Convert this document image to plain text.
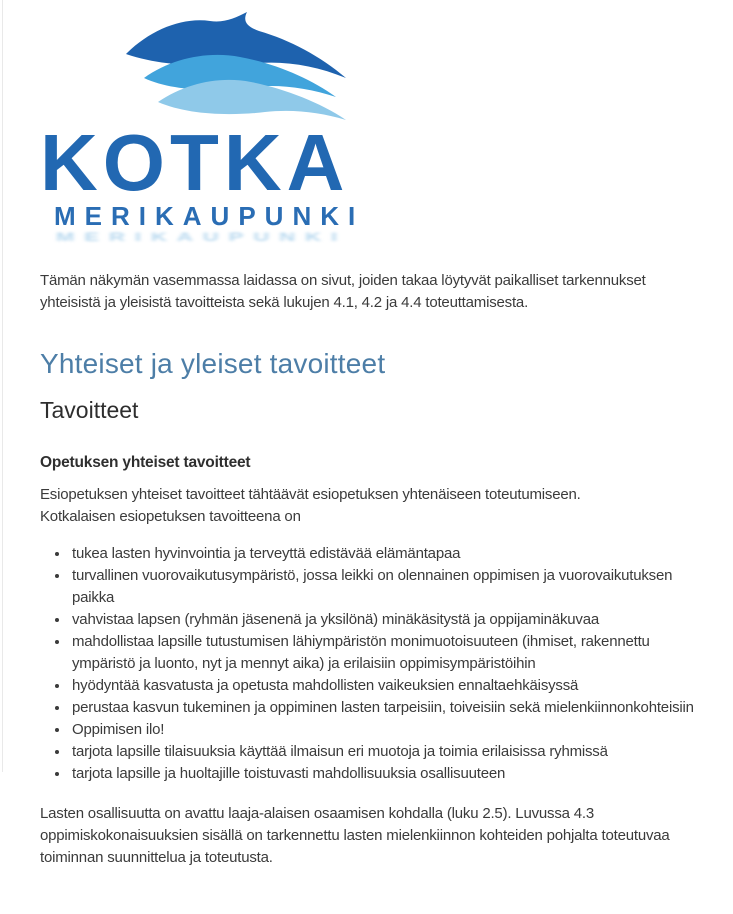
KOTKA
MERIKAUPUNKI
MERIKAUPUNKI

Tämän näkymän vasemmassa laidassa on sivut, joiden takaa löytyvät paikalliset tarkennukset yhteisistä ja yleisistä tavoitteista sekä lukujen 4.1, 4.2 ja 4.4 toteuttamisesta.

Yhteiset ja yleiset tavoitteet
Tavoitteet
Opetuksen yhteiset tavoitteet

Esiopetuksen yhteiset tavoitteet tähtäävät esiopetuksen yhtenäiseen toteutumiseen.
Kotkalaisen esiopetuksen tavoitteena on

• tukea lasten hyvinvointia ja terveyttä edistävää elämäntapaa
• turvallinen vuorovaikutusympäristö, jossa leikki on olennainen oppimisen ja vuorovaikutuksen paikka
• vahvistaa lapsen (ryhmän jäsenenä ja yksilönä) minäkäsitystä ja oppijaminäkuvaa
• mahdollistaa lapsille tutustumisen lähiympäristön monimuotoisuuteen (ihmiset, rakennettu ympäristö ja luonto, nyt ja mennyt aika) ja erilaisiin oppimisympäristöihin
• hyödyntää kasvatusta ja opetusta mahdollisten vaikeuksien ennaltaehkäisyssä
• perustaa kasvun tukeminen ja oppiminen lasten tarpeisiin, toiveisiin sekä mielenkiinnonkohteisiin
• Oppimisen ilo!
• tarjota lapsille tilaisuuksia käyttää ilmaisun eri muotoja ja toimia erilaisissa ryhmissä
• tarjota lapsille ja huoltajille toistuvasti mahdollisuuksia osallisuuteen

Lasten osallisuutta on avattu laaja-alaisen osaamisen kohdalla (luku 2.5). Luvussa 4.3 oppimiskokonaisuuksien sisällä on tarkennettu lasten mielenkiinnon kohteiden pohjalta toteutuvaa toiminnan suunnittelua ja toteutusta.
